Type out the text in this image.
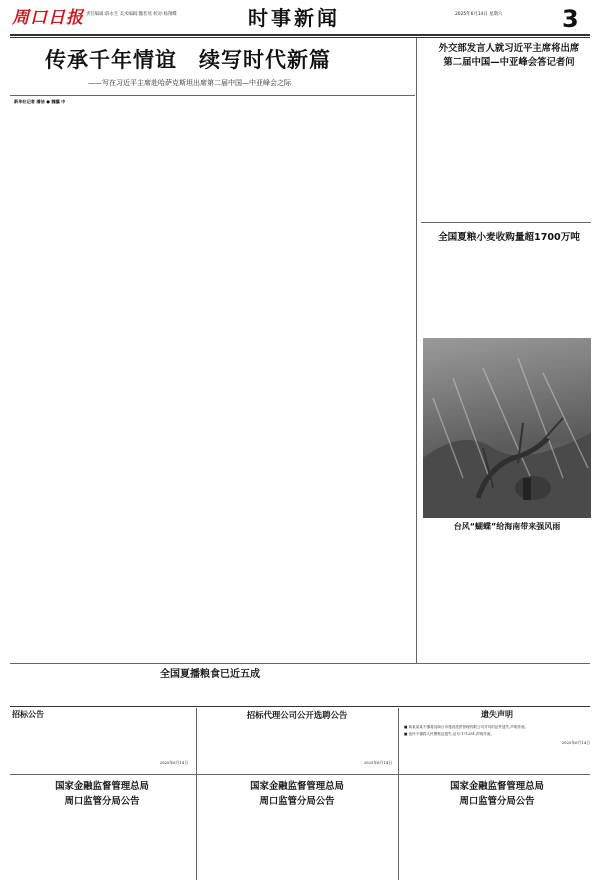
周口日报 责任编辑:薛永生 美术编辑:魏茗瑶 校对:杨翔蝶	时事新闻	2025年6月14日 星期六 3
传承千年情谊　续写时代新篇
——写在习近平主席赴哈萨克斯坦出席第二届中国—中亚峰会之际
新华社记者 潘洁 ● 魏骥 中
外交部发言人就习近平主席将出席
第二届中国—中亚峰会答记者问
全国夏粮小麦收购量超1700万吨
台风“蝴蝶”给海南带来强风雨
全国夏播粮食已近五成
招标公告
2025年6月14日
招标代理公司公开选聘公告
2025年6月14日
遗失声明
■ 黄某某某不慎将其商丘市建设投资管理有限公司开具的证件遗失,声明作废。
■ 伍怀不慎将人民警察证遗失,证号:171281,声明作废。
2025年6月14日
国家金融监督管理总局
周口监管分局公告
国家金融监督管理总局
周口监管分局公告
国家金融监督管理总局
周口监管分局公告
